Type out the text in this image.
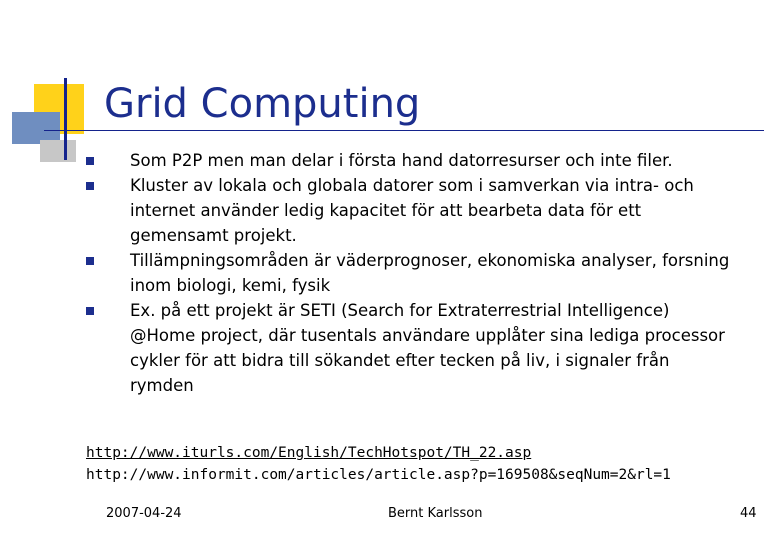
Grid Computing
Som P2P men man delar i första hand datorresurser och inte filer.
Kluster av lokala och globala datorer som i samverkan via intra- och internet använder ledig kapacitet för att bearbeta data för ett gemensamt projekt.
Tillämpningsområden är väderprognoser, ekonomiska analyser, forsning inom biologi, kemi, fysik
Ex. på ett projekt är SETI (Search for Extraterrestrial Intelligence) @Home project, där tusentals användare upplåter sina lediga processor cykler för att bidra till sökandet efter tecken på liv, i signaler från rymden
http://www.iturls.com/English/TechHotspot/TH_22.asp
http://www.informit.com/articles/article.asp?p=169508&seqNum=2&rl=1
2007-04-24	Bernt Karlsson	44
